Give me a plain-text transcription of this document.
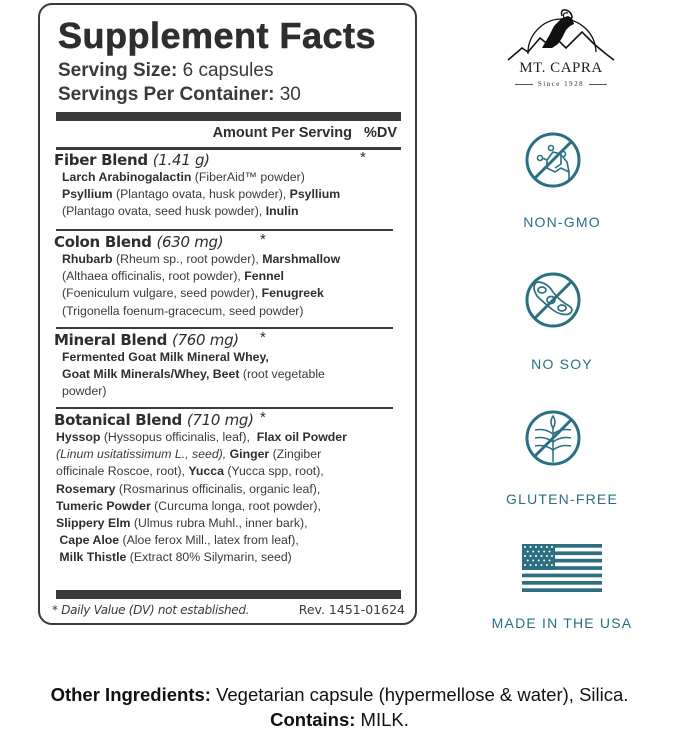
Supplement Facts
Serving Size: 6 capsules
Servings Per Container: 30
Amount Per Serving %DV
Fiber Blend (1.41 g)	*
Larch Arabinogalactin (FiberAid™ powder)
Psyllium (Plantago ovata, husk powder), Psyllium
(Plantago ovata, seed husk powder), Inulin
Colon Blend (630 mg)	*
Rhubarb (Rheum sp., root powder), Marshmallow
(Althaea officinalis, root powder), Fennel
(Foeniculum vulgare, seed powder), Fenugreek
(Trigonella foenum-gracecum, seed powder)
Mineral Blend (760 mg)	*
Fermented Goat Milk Mineral Whey,
Goat Milk Minerals/Whey, Beet (root vegetable
powder)
Botanical Blend (710 mg) *
Hyssop (Hyssopus officinalis, leaf),  Flax oil Powder
(Linum usitatissimum L., seed), Ginger (Zingiber
officinale Roscoe, root), Yucca (Yucca spp, root),
Rosemary (Rosmarinus officinalis, organic leaf),
Tumeric Powder (Curcuma longa, root powder),
Slippery Elm (Ulmus rubra Muhl., inner bark),
Cape Aloe (Aloe ferox Mill., latex from leaf),
Milk Thistle (Extract 80% Silymarin, seed)
* Daily Value (DV) not established.	Rev. 1451-01624
MT. CAPRA
Since 1928
NON-GMO
NO SOY
GLUTEN-FREE
MADE IN THE USA
Other Ingredients: Vegetarian capsule (hypermellose & water), Silica.
Contains: MILK.
